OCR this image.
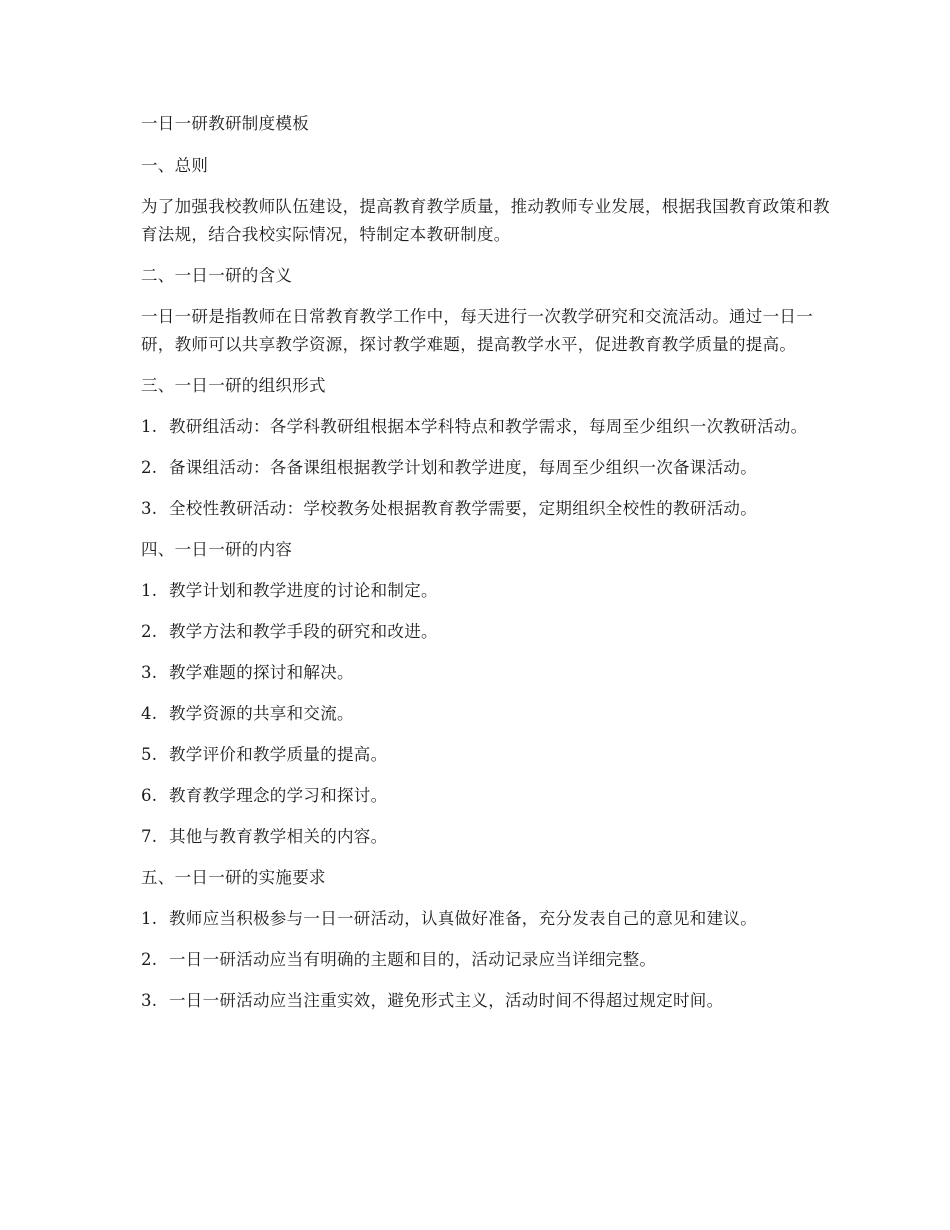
一日一研教研制度模板

一、总则

为了加强我校教师队伍建设，提高教育教学质量，推动教师专业发展，根据我国教育政策和教育法规，结合我校实际情况，特制定本教研制度。

二、一日一研的含义

一日一研是指教师在日常教育教学工作中，每天进行一次教学研究和交流活动。通过一日一研，教师可以共享教学资源，探讨教学难题，提高教学水平，促进教育教学质量的提高。

三、一日一研的组织形式

1. 教研组活动：各学科教研组根据本学科特点和教学需求，每周至少组织一次教研活动。
2. 备课组活动：各备课组根据教学计划和教学进度，每周至少组织一次备课活动。
3. 全校性教研活动：学校教务处根据教育教学需要，定期组织全校性的教研活动。

四、一日一研的内容

1. 教学计划和教学进度的讨论和制定。
2. 教学方法和教学手段的研究和改进。
3. 教学难题的探讨和解决。
4. 教学资源的共享和交流。
5. 教学评价和教学质量的提高。
6. 教育教学理念的学习和探讨。
7. 其他与教育教学相关的内容。

五、一日一研的实施要求

1. 教师应当积极参与一日一研活动，认真做好准备，充分发表自己的意见和建议。
2. 一日一研活动应当有明确的主题和目的，活动记录应当详细完整。
3. 一日一研活动应当注重实效，避免形式主义，活动时间不得超过规定时间。
